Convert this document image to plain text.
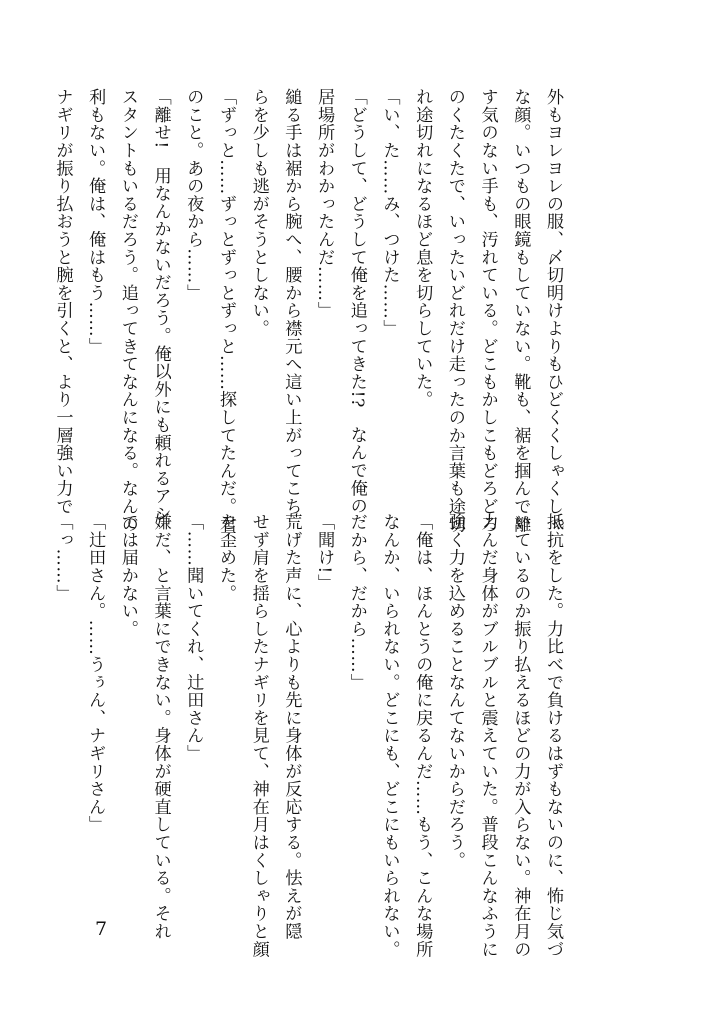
外もヨレヨレの服、〆切明けよりもひどくくしゃくしゃ
な顔。いつもの眼鏡もしていない。靴も、裾を掴んで離
す気のない手も、汚れている。どこもかしこもどろどろ
のくたくたで、いったいどれだけ走ったのか言葉も途切
れ途切れになるほど息を切らしていた。
「い、た……み、つけた……」
「どうして、どうして俺を追ってきた!?　なんで俺の
居場所がわかったんだ……」
縋る手は裾から腕へ、腰から襟元へ這い上がってこち
らを少しも逃がそうとしない。
「ずっと……ずっとずっとずっと……探してたんだ。君
のこと。あの夜から……」
「離せ!　用なんかないだろう。俺以外にも頼れるアシ
スタントもいるだろう。追ってきてなんになる。なんの
利もない。俺は、俺はもう……」
ナギリが振り払おうと腕を引くと、より一層強い力で
抵抗をした。力比べで負けるはずもないのに、怖じ気づ
いているのか振り払えるほどの力が入らない。神在月の
力んだ身体がブルブルと震えていた。普段こんなふうに
強く力を込めることなんてないからだろう。
「俺は、ほんとうの俺に戻るんだ……もう、こんな場所
なんか、いられない。どこにも、どこにもいられない。
だから、だから……」
「聞け!」
荒げた声に、心よりも先に身体が反応する。怯えが隠
せず肩を揺らしたナギリを見て、神在月はくしゃりと顔
を歪めた。
「……聞いてくれ、辻田さん」
嫌だ、と言葉にできない。身体が硬直している。それ
では届かない。
「辻田さん。……うぅん、ナギリさん」
「っ……」
7
